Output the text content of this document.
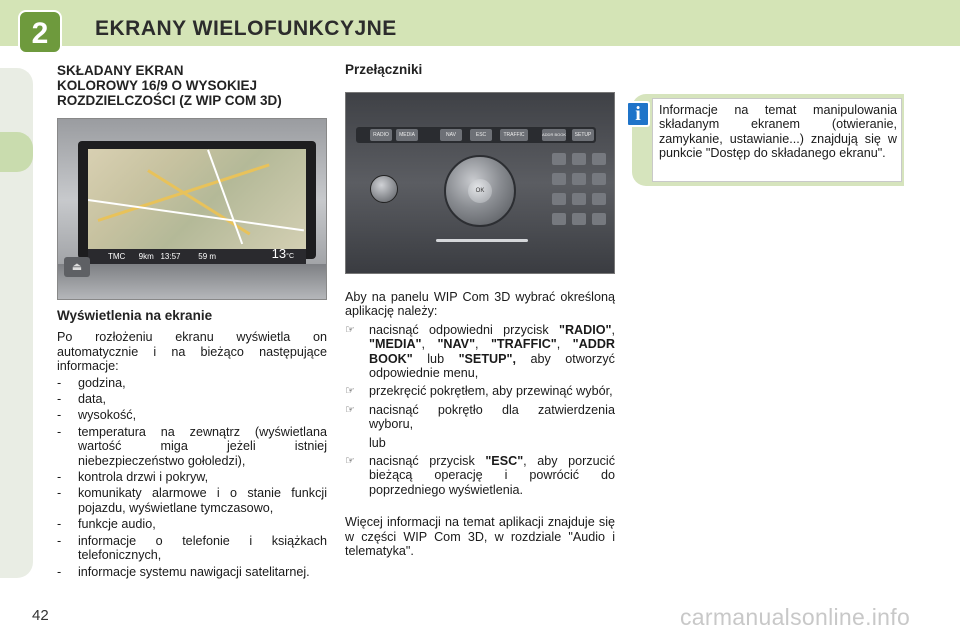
2	EKRANY WIELOFUNKCYJNE
SKŁADANY EKRAN
KOLOROWY 16/9 O WYSOKIEJ
ROZDZIELCZOŚCI (Z WIP COM 3D)
TMC 9km 13:57 59 m	13°C
⏏
Wyświetlenia na ekranie

Po rozłożeniu ekranu wyświetla on automatycznie i na bieżąco następujące informacje:

- godzina,
- data,
- wysokość,
- temperatura na zewnątrz (wyświetlana wartość miga jeżeli istniej niebezpieczeństwo gołoledzi),
- kontrola drzwi i pokryw,
- komunikaty alarmowe i o stanie funkcji pojazdu, wyświetlane tymczasowo,
- funkcje audio,
- informacje o telefonie i książkach telefonicznych,
- informacje systemu nawigacji satelitarnej.
Przełączniki
RADIO	MEDIA	NAV	ESC	TRAFFIC	ADDR BOOK	SETUP
OK

Aby na panelu WIP Com 3D wybrać określoną aplikację należy:

☞ nacisnąć odpowiedni przycisk "RADIO", "MEDIA", "NAV", "TRAFFIC", "ADDR BOOK" lub "SETUP", aby otworzyć odpowiednie menu,
☞ przekręcić pokrętłem, aby przewinąć wybór,
☞ nacisnąć pokrętło dla zatwierdzenia wyboru,
lub
☞ nacisnąć przycisk "ESC", aby porzucić bieżącą operację i powrócić do poprzedniego wyświetlenia.

Więcej informacji na temat aplikacji znajduje się w części WIP Com 3D, w rozdziale "Audio i telematyka".

i	Informacje na temat manipulowania składanym ekranem (otwieranie, zamykanie, ustawianie...) znajdują się w punkcie "Dostęp do składanego ekranu".
42	carmanualsonline.info
